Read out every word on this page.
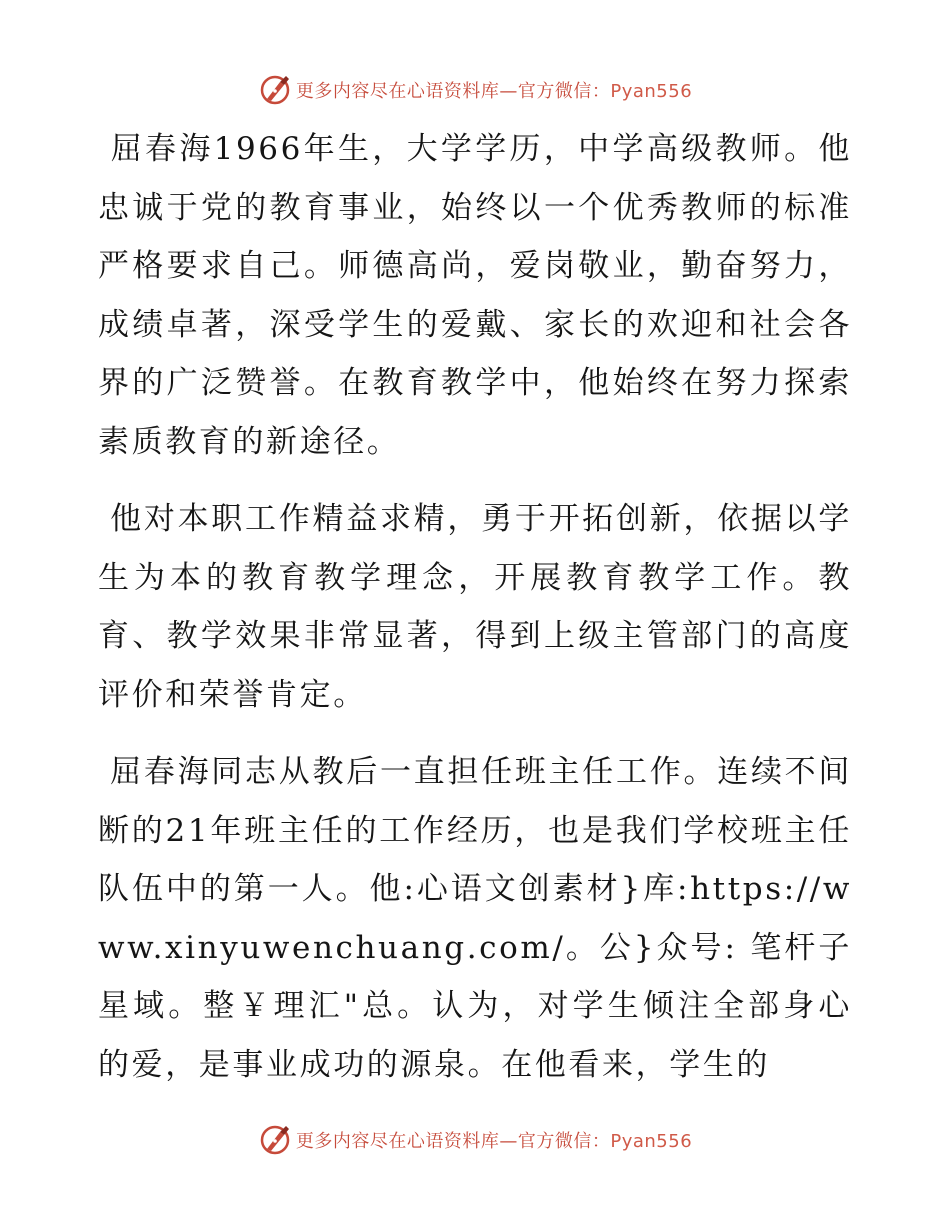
更多内容尽在心语资料库—官方微信：Pyan556

屈春海1966年生，大学学历，中学高级教师。他忠诚于党的教育事业，始终以一个优秀教师的标准严格要求自己。师德高尚，爱岗敬业，勤奋努力，成绩卓著，深受学生的爱戴、家长的欢迎和社会各界的广泛赞誉。在教育教学中，他始终在努力探索素质教育的新途径。

他对本职工作精益求精，勇于开拓创新，依据以学生为本的教育教学理念，开展教育教学工作。教育、教学效果非常显著，得到上级主管部门的高度评价和荣誉肯定。

屈春海同志从教后一直担任班主任工作。连续不间断的21年班主任的工作经历，也是我们学校班主任队伍中的第一人。他:心语文创素材}库:https://www.xinyuwenchuang.com/。公}众号: 笔杆子星域。整￥理汇"总。认为，对学生倾注全部身心的爱，是事业成功的源泉。在他看来，学生的

更多内容尽在心语资料库—官方微信：Pyan556
